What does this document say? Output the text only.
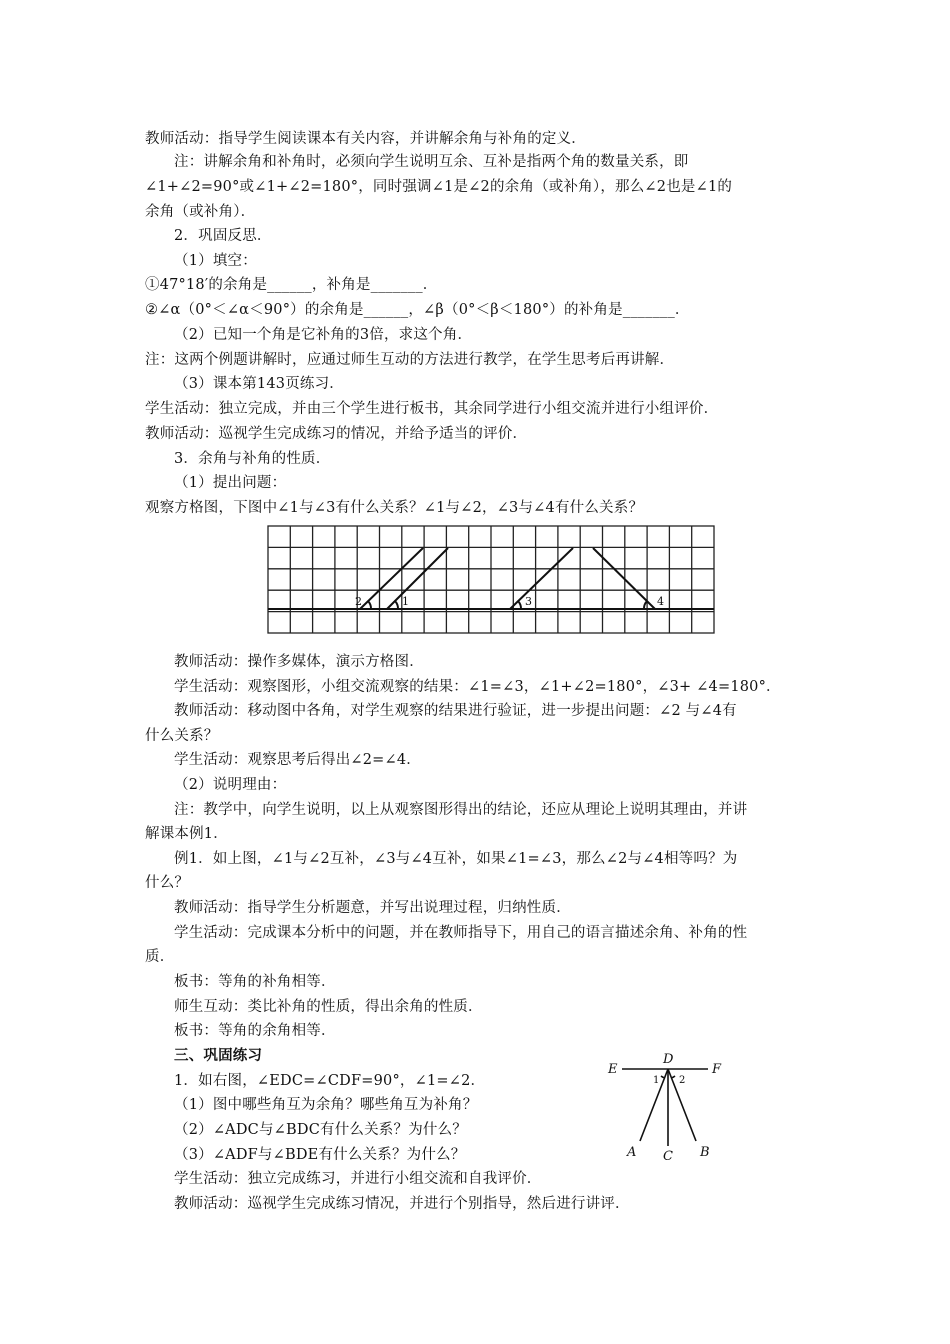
教师活动：指导学生阅读课本有关内容，并讲解余角与补角的定义．
注：讲解余角和补角时，必须向学生说明互余、互补是指两个角的数量关系，即
∠1+∠2=90°或∠1+∠2=180°，同时强调∠1是∠2的余角（或补角），那么∠2也是∠1的
余角（或补角）．
2．巩固反思．
（1）填空：
①47°18′的余角是______，补角是_______．
②∠α（0°＜∠α＜90°）的余角是______，∠β（0°＜β＜180°）的补角是_______．
（2）已知一个角是它补角的3倍，求这个角．
注：这两个例题讲解时，应通过师生互动的方法进行教学，在学生思考后再讲解．
（3）课本第143页练习．
学生活动：独立完成，并由三个学生进行板书，其余同学进行小组交流并进行小组评价．
教师活动：巡视学生完成练习的情况，并给予适当的评价．
3．余角与补角的性质．
（1）提出问题：
观察方格图，下图中∠1与∠3有什么关系？∠1与∠2，∠3与∠4有什么关系？
2	1	3	4
教师活动：操作多媒体，演示方格图．
学生活动：观察图形，小组交流观察的结果：∠1=∠3，∠1+∠2=180°，∠3+ ∠4=180°．
教师活动：移动图中各角，对学生观察的结果进行验证，进一步提出问题：∠2 与∠4有
什么关系？
学生活动：观察思考后得出∠2=∠4．
（2）说明理由：
注：教学中，向学生说明，以上从观察图形得出的结论，还应从理论上说明其理由，并讲
解课本例1．
例1．如上图，∠1与∠2互补，∠3与∠4互补，如果∠1=∠3，那么∠2与∠4相等吗？为
什么？
教师活动：指导学生分析题意，并写出说理过程，归纳性质．
学生活动：完成课本分析中的问题，并在教师指导下，用自己的语言描述余角、补角的性
质．
板书：等角的补角相等．
师生互动：类比补角的性质，得出余角的性质．
板书：等角的余角相等．
三、巩固练习
1．如右图，∠EDC=∠CDF=90°，∠1=∠2．
（1）图中哪些角互为余角？哪些角互为补角？
（2）∠ADC与∠BDC有什么关系？为什么？
（3）∠ADF与∠BDE有什么关系？为什么？
学生活动：独立完成练习，并进行小组交流和自我评价．
教师活动：巡视学生完成练习情况，并进行个别指导，然后进行讲评．
E
D
F
A C B
1 2
